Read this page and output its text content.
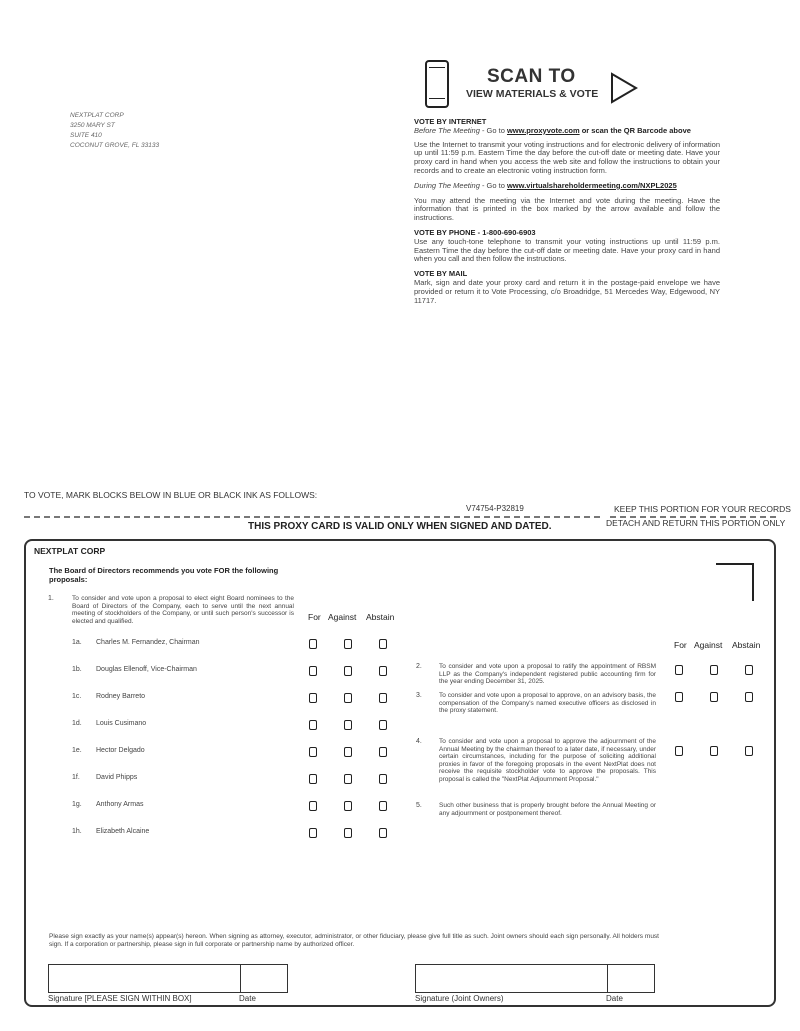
NEXTPLAT CORP
3250 MARY ST
SUITE 410
COCONUT GROVE, FL 33133
SCAN TO
VIEW MATERIALS & VOTE
VOTE BY INTERNET

Before The Meeting - Go to www.proxyvote.com or scan the QR Barcode above

Use the Internet to transmit your voting instructions and for electronic delivery of information up until 11:59 p.m. Eastern Time the day before the cut-off date or meeting date. Have your proxy card in hand when you access the web site and follow the instructions to obtain your records and to create an electronic voting instruction form.

During The Meeting - Go to www.virtualshareholdermeeting.com/NXPL2025

You may attend the meeting via the Internet and vote during the meeting. Have the information that is printed in the box marked by the arrow available and follow the instructions.

VOTE BY PHONE - 1-800-690-6903

Use any touch-tone telephone to transmit your voting instructions up until 11:59 p.m. Eastern Time the day before the cut-off date or meeting date. Have your proxy card in hand when you call and then follow the instructions.

VOTE BY MAIL

Mark, sign and date your proxy card and return it in the postage-paid envelope we have provided or return it to Vote Processing, c/o Broadridge, 51 Mercedes Way, Edgewood, NY 11717.

TO VOTE, MARK BLOCKS BELOW IN BLUE OR BLACK INK AS FOLLOWS:
V74754-P32819	KEEP THIS PORTION FOR YOUR RECORDS
DETACH AND RETURN THIS PORTION ONLY
THIS PROXY CARD IS VALID ONLY WHEN SIGNED AND DATED.
NEXTPLAT CORP
The Board of Directors recommends you vote FOR the following proposals:
1.	To consider and vote upon a proposal to elect eight Board nominees to the Board of Directors of the Company, each to serve until the next annual meeting of stockholders of the Company, or until such person's successor is elected and qualified.	For Against Abstain
For Against Abstain
1a. Charles M. Fernandez, Chairman
1b. Douglas Ellenoff, Vice-Chairman
1c. Rodney Barreto
1d. Louis Cusimano
1e. Hector Delgado
1f. David Phipps
1g. Anthony Armas
1h. Elizabeth Alcaine
2.	To consider and vote upon a proposal to ratify the appointment of RBSM LLP as the Company's independent registered public accounting firm for the year ending December 31, 2025.
3.	To consider and vote upon a proposal to approve, on an advisory basis, the compensation of the Company's named executive officers as disclosed in the proxy statement.
4.	To consider and vote upon a proposal to approve the adjournment of the Annual Meeting by the chairman thereof to a later date, if necessary, under certain circumstances, including for the purpose of soliciting additional proxies in favor of the foregoing proposals in the event NextPlat does not receive the requisite stockholder vote to approve the proposals. This proposal is called the "NextPlat Adjournment Proposal."
5.	Such other business that is properly brought before the Annual Meeting or any adjournment or postponement thereof.
Please sign exactly as your name(s) appear(s) hereon. When signing as attorney, executor, administrator, or other fiduciary, please give full title as such. Joint owners should each sign personally. All holders must sign. If a corporation or partnership, please sign in full corporate or partnership name by authorized officer.
Signature [PLEASE SIGN WITHIN BOX]	Date	Signature (Joint Owners)	Date
